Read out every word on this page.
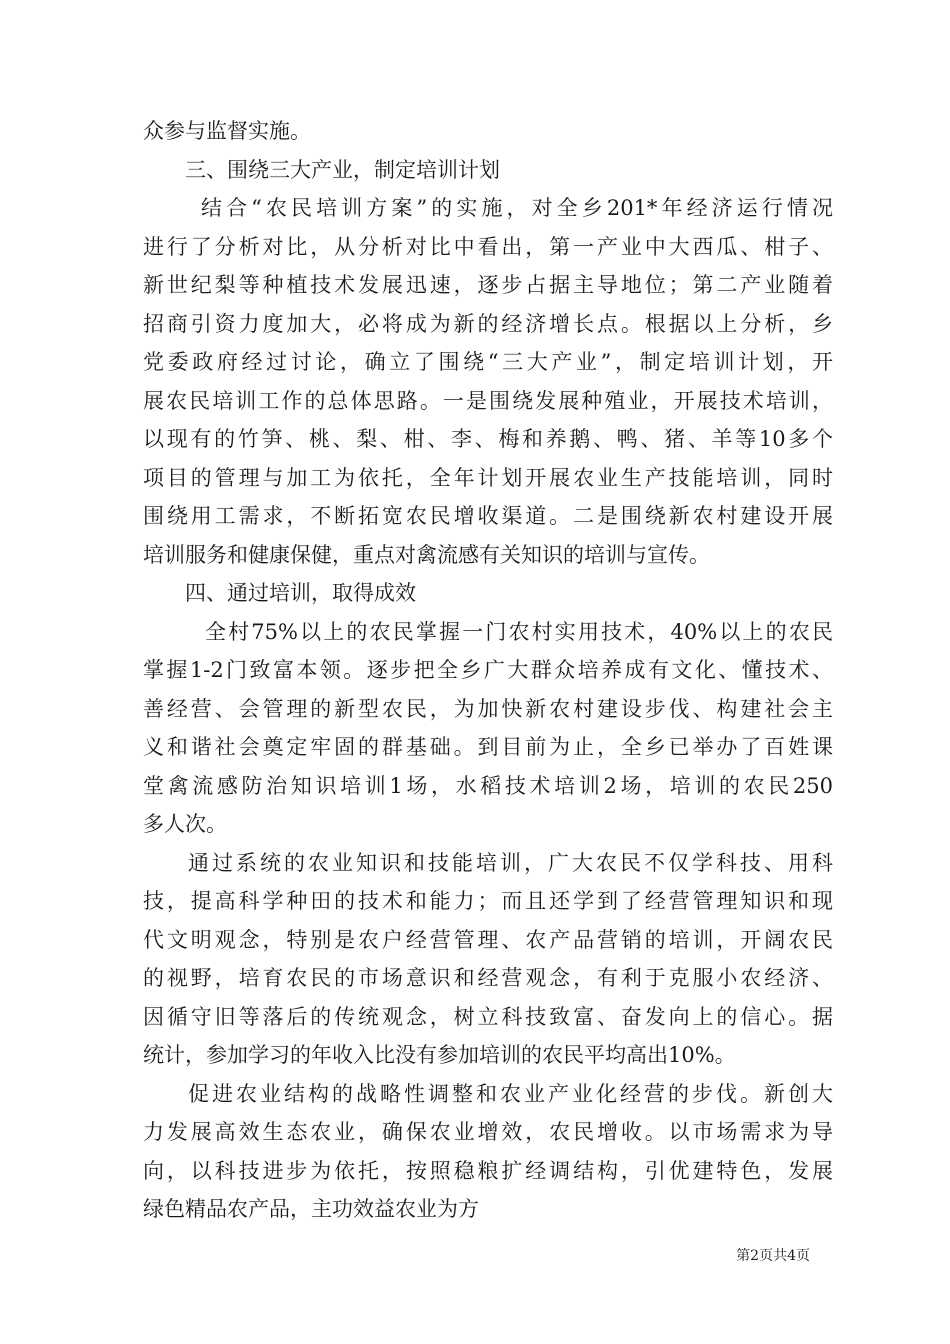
众参与监督实施。
三、围绕三大产业，制定培训计划
结合“农民培训方案”的实施，对全乡201*年经济运行情况
进行了分析对比，从分析对比中看出，第一产业中大西瓜、柑子、
新世纪梨等种植技术发展迅速，逐步占据主导地位；第二产业随着
招商引资力度加大，必将成为新的经济增长点。根据以上分析，乡
党委政府经过讨论，确立了围绕“三大产业”，制定培训计划，开
展农民培训工作的总体思路。一是围绕发展种殖业，开展技术培训，
以现有的竹笋、桃、梨、柑、李、梅和养鹅、鸭、猪、羊等10多个
项目的管理与加工为依托，全年计划开展农业生产技能培训，同时
围绕用工需求，不断拓宽农民增收渠道。二是围绕新农村建设开展
培训服务和健康保健，重点对禽流感有关知识的培训与宣传。
四、通过培训，取得成效
全村75%以上的农民掌握一门农村实用技术，40%以上的农民
掌握1-2门致富本领。逐步把全乡广大群众培养成有文化、懂技术、
善经营、会管理的新型农民，为加快新农村建设步伐、构建社会主
义和谐社会奠定牢固的群基础。到目前为止，全乡已举办了百姓课
堂禽流感防治知识培训1场，水稻技术培训2场，培训的农民250
多人次。
通过系统的农业知识和技能培训，广大农民不仅学科技、用科
技，提高科学种田的技术和能力；而且还学到了经营管理知识和现
代文明观念，特别是农户经营管理、农产品营销的培训，开阔农民
的视野，培育农民的市场意识和经营观念，有利于克服小农经济、
因循守旧等落后的传统观念，树立科技致富、奋发向上的信心。据
统计，参加学习的年收入比没有参加培训的农民平均高出10%。
促进农业结构的战略性调整和农业产业化经营的步伐。新创大
力发展高效生态农业，确保农业增效，农民增收。以市场需求为导
向，以科技进步为依托，按照稳粮扩经调结构，引优建特色，发展
绿色精品农产品，主功效益农业为方
第2页共4页
